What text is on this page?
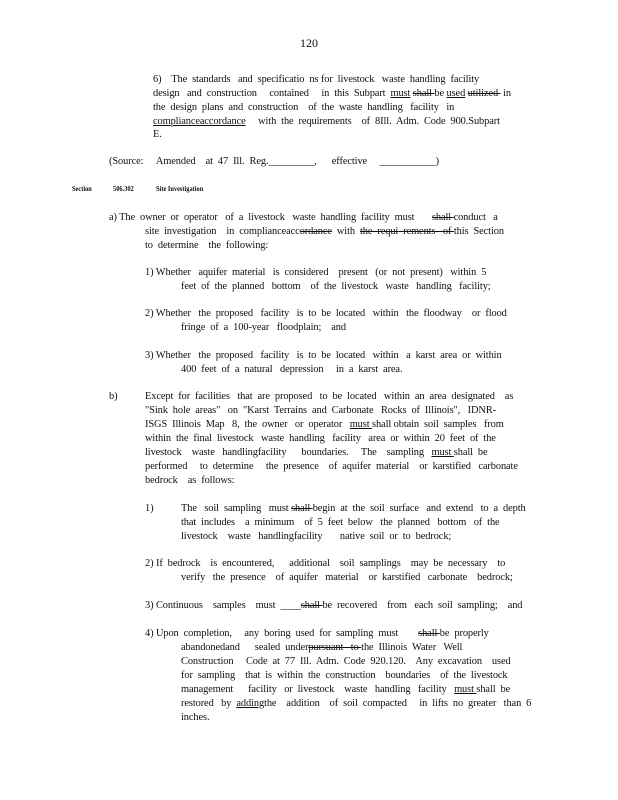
120
6)    The  standards   and  specificatio  ns for  livestock   waste  handling  facility
design   and  construction     contained     in  this  Subpart  must shall be used utilized  in
the  design  plans  and  construction    of  the  waste  handling   facility   in
complianceaccordance     with  the  requirements    of  8Ill.  Adm.  Code  900.Subpart
E.
(Source: Amended    at  47  Ill.  Reg._________, effective ___________)
Section	506.302	Site Investigation
a) The  owner  or  operator   of  a  livestock   waste  handling  facility  must shall conduct   a
site  investigation    in  complianceaccordance  with  the  requi  rements   of this  Section
to  determine    the  following:
1) Whether   aquifer  material   is  considered    present   (or  not  present)   within  5
feet  of  the  planned   bottom    of  the  livestock   waste   handling   facility;
2) Whether   the  proposed   facility   is  to  be  located   within   the  floodway    or  flood
fringe  of  a  100-year   floodplain;    and
3) Whether   the  proposed   facility   is  to  be  located   within   a  karst  area  or  within
400  feet  of  a  natural   depression     in  a  karst  area.
b)	Except  for  facilities   that  are  proposed   to  be  located   within  an  area  designated    as
"Sink  hole  areas"   on  "Karst  Terrains  and  Carbonate   Rocks  of  Illinois",   IDNR-
ISGS  Illinois  Map   8,  the  owner   or  operator   must shall obtain  soil  samples   from
within  the  final  livestock   waste  handling   facility   area  or  within  20  feet  of  the
livestock    waste   handlingfacility      boundaries.     The    sampling   must shall  be
performed     to  determine     the  presence    of  aquifer  material    or  karstified   carbonate
bedrock    as  follows:
1)	The   soil  sampling   must shall begin  at  the  soil  surface   and  extend   to  a  depth
that  includes    a  minimum    of  5  feet  below   the  planned   bottom   of  the
livestock    waste   handlingfacility       native  soil  or  to  bedrock;
2) If  bedrock    is  encountered,      additional    soil  samplings    may  be  necessary    to
verify   the  presence    of  aquifer   material    or  karstified   carbonate    bedrock;
3) Continuous    samples    must  ____shall be  recovered    from   each  soil  sampling;    and
4) Upon  completion,     any  boring  used  for  sampling  must        shall be  properly
abandonedand      sealed  underpursuant   to the  Illinois  Water   Well
Construction     Code  at  77  Ill.  Adm.  Code  920.120.    Any  excavation    used
for  sampling    that  is  within  the  construction    boundaries    of  the  livestock
management      facility   or  livestock    waste   handling   facility   must shall  be
restored   by  addingthe    addition    of  soil  compacted     in  lifts  no  greater   than  6
inches.
